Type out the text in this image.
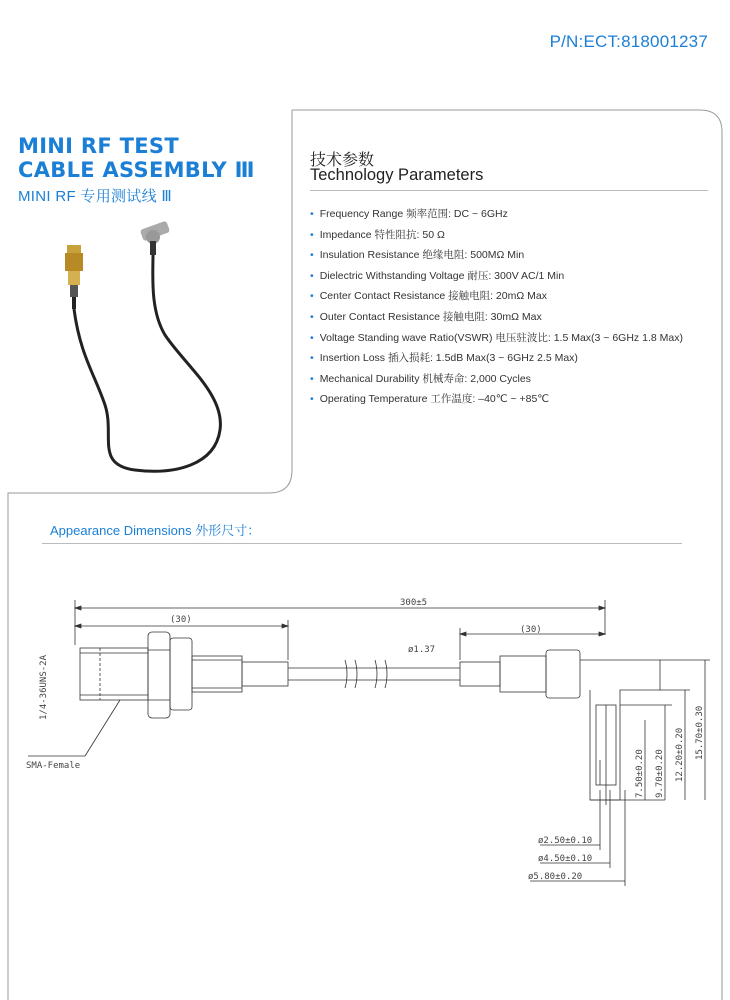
P/N:ECT:818001237
MINI RF TEST
CABLE ASSEMBLY Ⅲ
MINI RF 专用测试线 Ⅲ
技术参数
Technology Parameters
• Frequency Range 频率范围: DC ~ 6GHz
• Impedance 特性阻抗: 50 Ω
• Insulation Resistance 绝缘电阻: 500MΩ Min
• Dielectric Withstanding Voltage 耐压: 300V AC/1 Min
• Center Contact Resistance 接触电阻: 20mΩ Max
• Outer Contact Resistance 接触电阻: 30mΩ Max
• Voltage Standing wave Ratio(VSWR) 电压驻波比: 1.5 Max(3 ~ 6GHz 1.8 Max)
• Insertion Loss 插入损耗: 1.5dB Max(3 ~ 6GHz 2.5 Max)
• Mechanical Durability 机械寿命: 2,000 Cycles
• Operating Temperature 工作温度: –40℃ ~ +85℃
Appearance Dimensions 外形尺寸：
300±5
(30)
(30)
ø1.37
1/4-36UNS-2A
SMA-Female	7.50±0.20 9.70±0.20 12.20±0.20 15.70±0.30
ø2.50±0.10
ø4.50±0.10
ø5.80±0.20
